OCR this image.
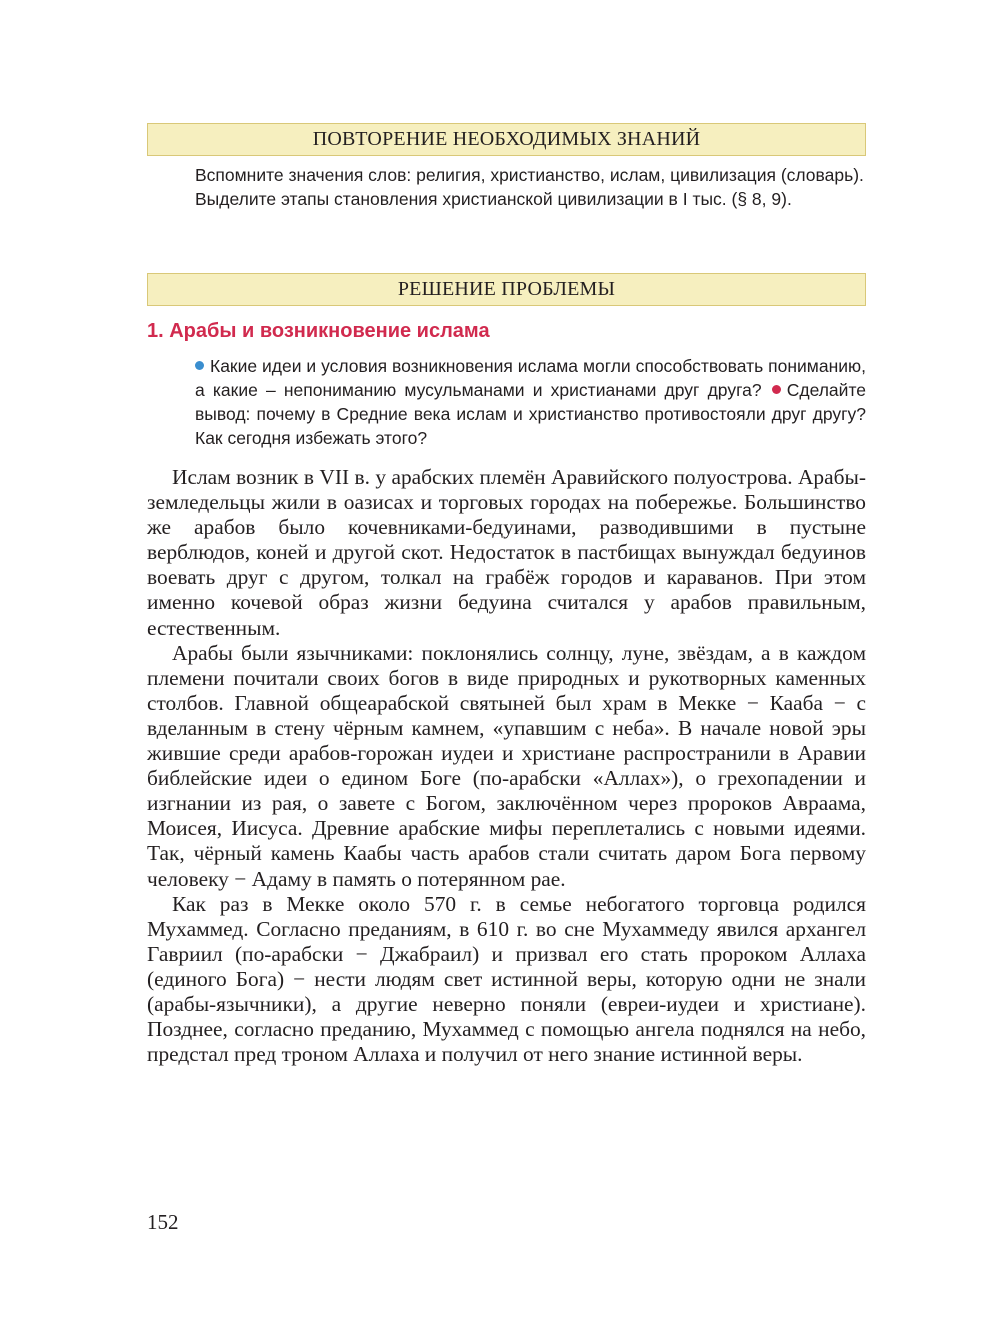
ПОВТОРЕНИЕ НЕОБХОДИМЫХ ЗНАНИЙ

Вспомните значения слов: религия, христианство, ислам, цивилизация (словарь).

Выделите этапы становления христианской цивилизации в I тыс. (§ 8, 9).

РЕШЕНИЕ ПРОБЛЕМЫ
1. Арабы и возникновение ислама

Какие идеи и условия возникновения ислама могли способствовать пониманию, а какие – непониманию мусульманами и христианами друг друга? Сделайте вывод: почему в Средние века ислам и христианство противостояли друг другу? Как сегодня избежать этого?

Ислам возник в VII в. у арабских племён Аравийского полуострова. Арабы-земледельцы жили в оазисах и торговых городах на побережье. Большинство же арабов было кочевниками-бедуинами, разводившими в пустыне верблюдов, коней и другой скот. Недостаток в пастбищах вынуждал бедуинов воевать друг с другом, толкал на грабёж городов и караванов. При этом именно кочевой образ жизни бедуина считался у арабов правильным, естественным.

Арабы были язычниками: поклонялись солнцу, луне, звёздам, а в каждом племени почитали своих богов в виде природных и рукотворных каменных столбов. Главной общеарабской святыней был храм в Мекке − Кааба − с вделанным в стену чёрным камнем, «упавшим с неба». В начале новой эры жившие среди арабов-горожан иудеи и христиане распространили в Аравии библейские идеи о едином Боге (по-арабски «Аллах»), о грехопадении и изгнании из рая, о завете с Богом, заключённом через пророков Авраама, Моисея, Иисуса. Древние арабские мифы переплетались с новыми идеями. Так, чёрный камень Каабы часть арабов стали считать даром Бога первому человеку − Адаму в память о потерянном рае.

Как раз в Мекке около 570 г. в семье небогатого торговца родился Мухаммед. Согласно преданиям, в 610 г. во сне Мухаммеду явился архангел Гавриил (по-арабски − Джабраил) и призвал его стать пророком Аллаха (единого Бога) − нести людям свет истинной веры, которую одни не знали (арабы-язычники), а другие неверно поняли (евреи-иудеи и христиане). Позднее, согласно преданию, Мухаммед с помощью ангела поднялся на небо, предстал пред троном Аллаха и получил от него знание истинной веры.

152
